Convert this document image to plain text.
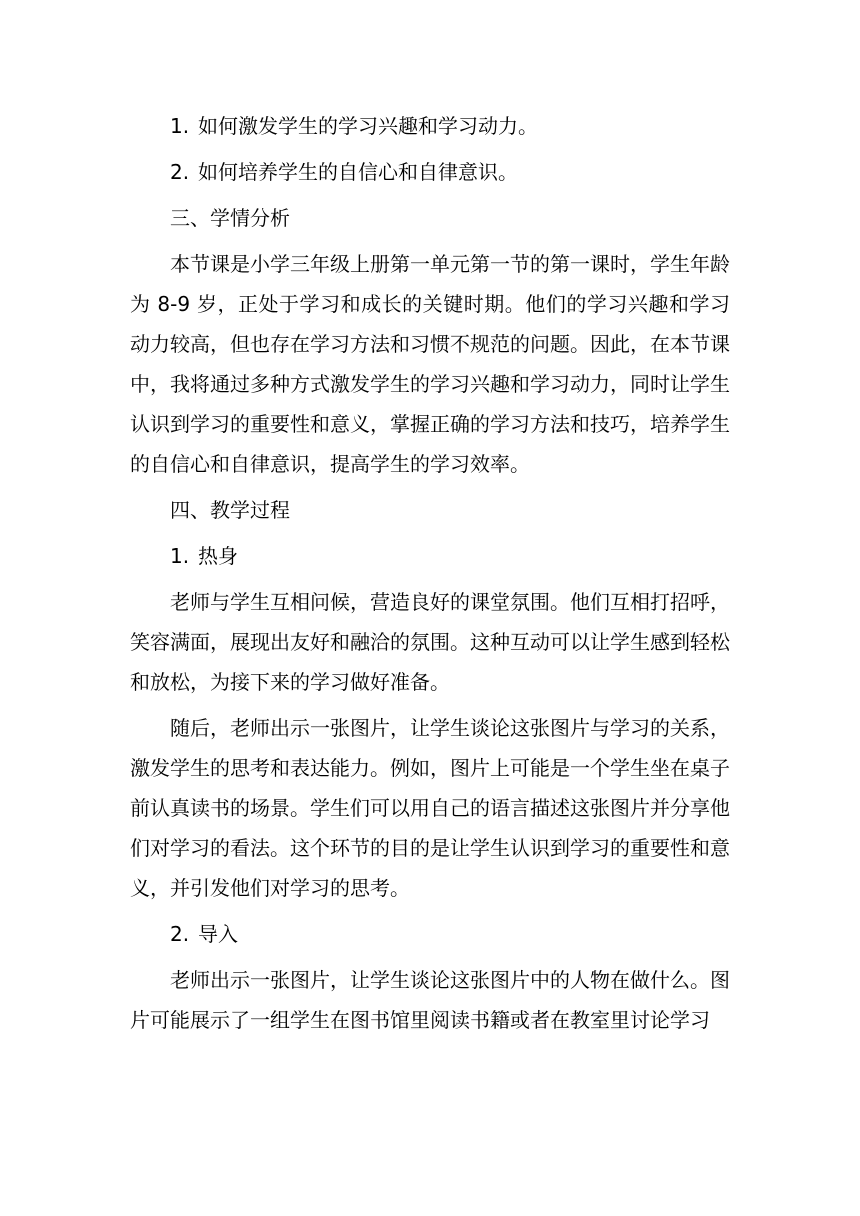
1. 如何激发学生的学习兴趣和学习动力。
2. 如何培养学生的自信心和自律意识。
三、学情分析

本节课是小学三年级上册第一单元第一节的第一课时，学生年龄为 8-9 岁，正处于学习和成长的关键时期。他们的学习兴趣和学习动力较高，但也存在学习方法和习惯不规范的问题。因此，在本节课中，我将通过多种方式激发学生的学习兴趣和学习动力，同时让学生认识到学习的重要性和意义，掌握正确的学习方法和技巧，培养学生的自信心和自律意识，提高学生的学习效率。

四、教学过程
1. 热身

老师与学生互相问候，营造良好的课堂氛围。他们互相打招呼，笑容满面，展现出友好和融洽的氛围。这种互动可以让学生感到轻松和放松，为接下来的学习做好准备。

随后，老师出示一张图片，让学生谈论这张图片与学习的关系，激发学生的思考和表达能力。例如，图片上可能是一个学生坐在桌子前认真读书的场景。学生们可以用自己的语言描述这张图片并分享他们对学习的看法。这个环节的目的是让学生认识到学习的重要性和意义，并引发他们对学习的思考。

2. 导入

老师出示一张图片，让学生谈论这张图片中的人物在做什么。图片可能展示了一组学生在图书馆里阅读书籍或者在教室里讨论学习
